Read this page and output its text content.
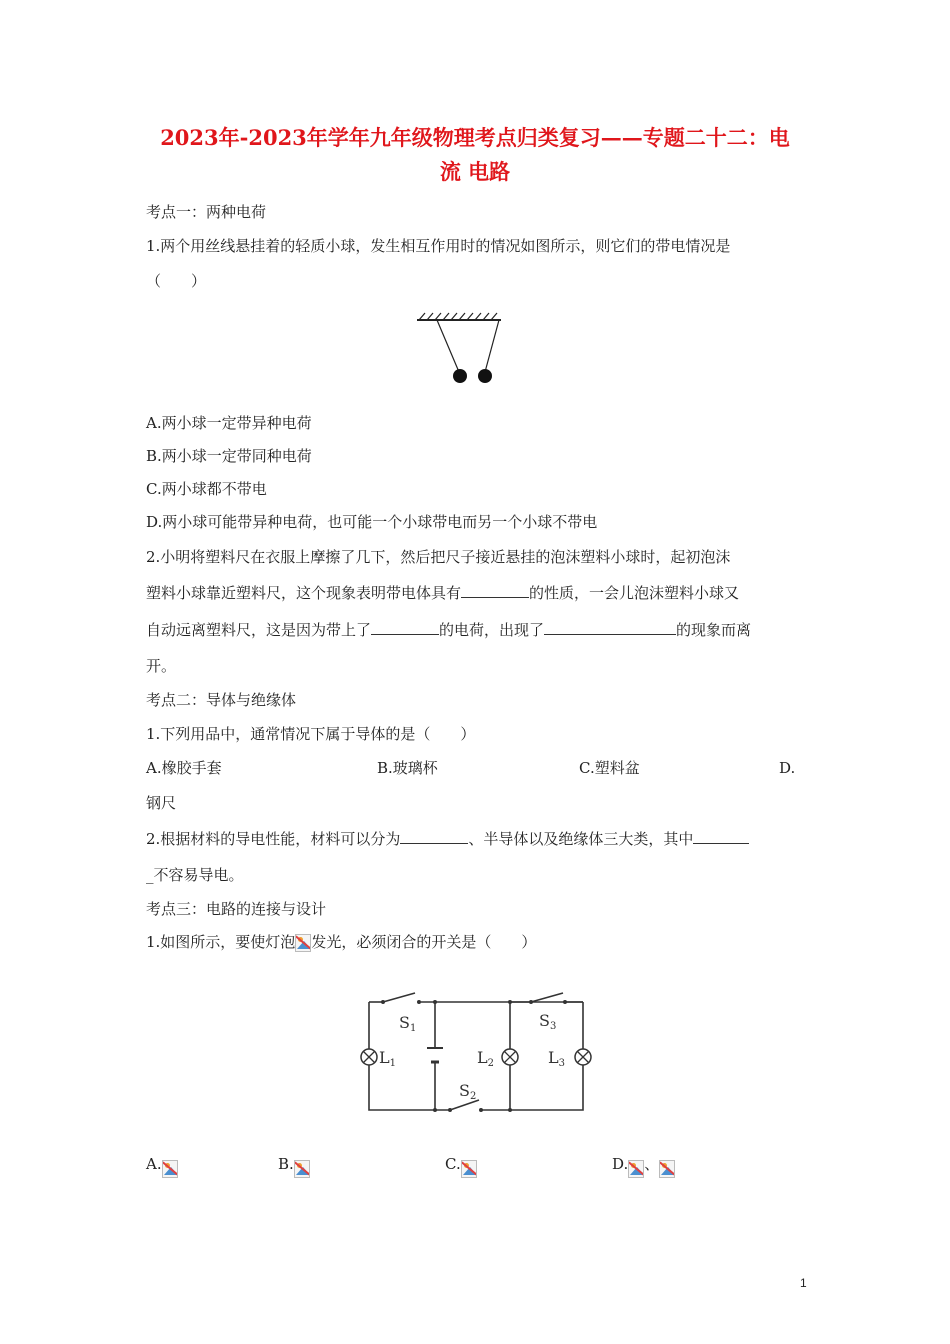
2023年-2023年学年九年级物理考点归类复习——专题二十二：电
流 电路
考点一：两种电荷
1.两个用丝线悬挂着的轻质小球，发生相互作用时的情况如图所示，则它们的带电情况是
（　　）
A.两小球一定带异种电荷
B.两小球一定带同种电荷
C.两小球都不带电
D.两小球可能带异种电荷，也可能一个小球带电而另一个小球不带电
2.小明将塑料尺在衣服上摩擦了几下，然后把尺子接近悬挂的泡沫塑料小球时，起初泡沫
塑料小球靠近塑料尺，这个现象表明带电体具有	的性质，一会儿泡沫塑料小球又
自动远离塑料尺，这是因为带上了	的电荷，出现了	的现象而离
开。
考点二：导体与绝缘体
1.下列用品中，通常情况下属于导体的是（　　）
A.橡胶手套	B.玻璃杯	C.塑料盆	D.
钢尺
2.根据材料的导电性能，材料可以分为	、半导体以及绝缘体三大类，其中
_不容易导电。
考点三：电路的连接与设计
1.如图所示，要使灯泡 发光，必须闭合的开关是（　　）
S1
S2
S3
L1	L2	L3
A.	B.	C.	D. 、
1
